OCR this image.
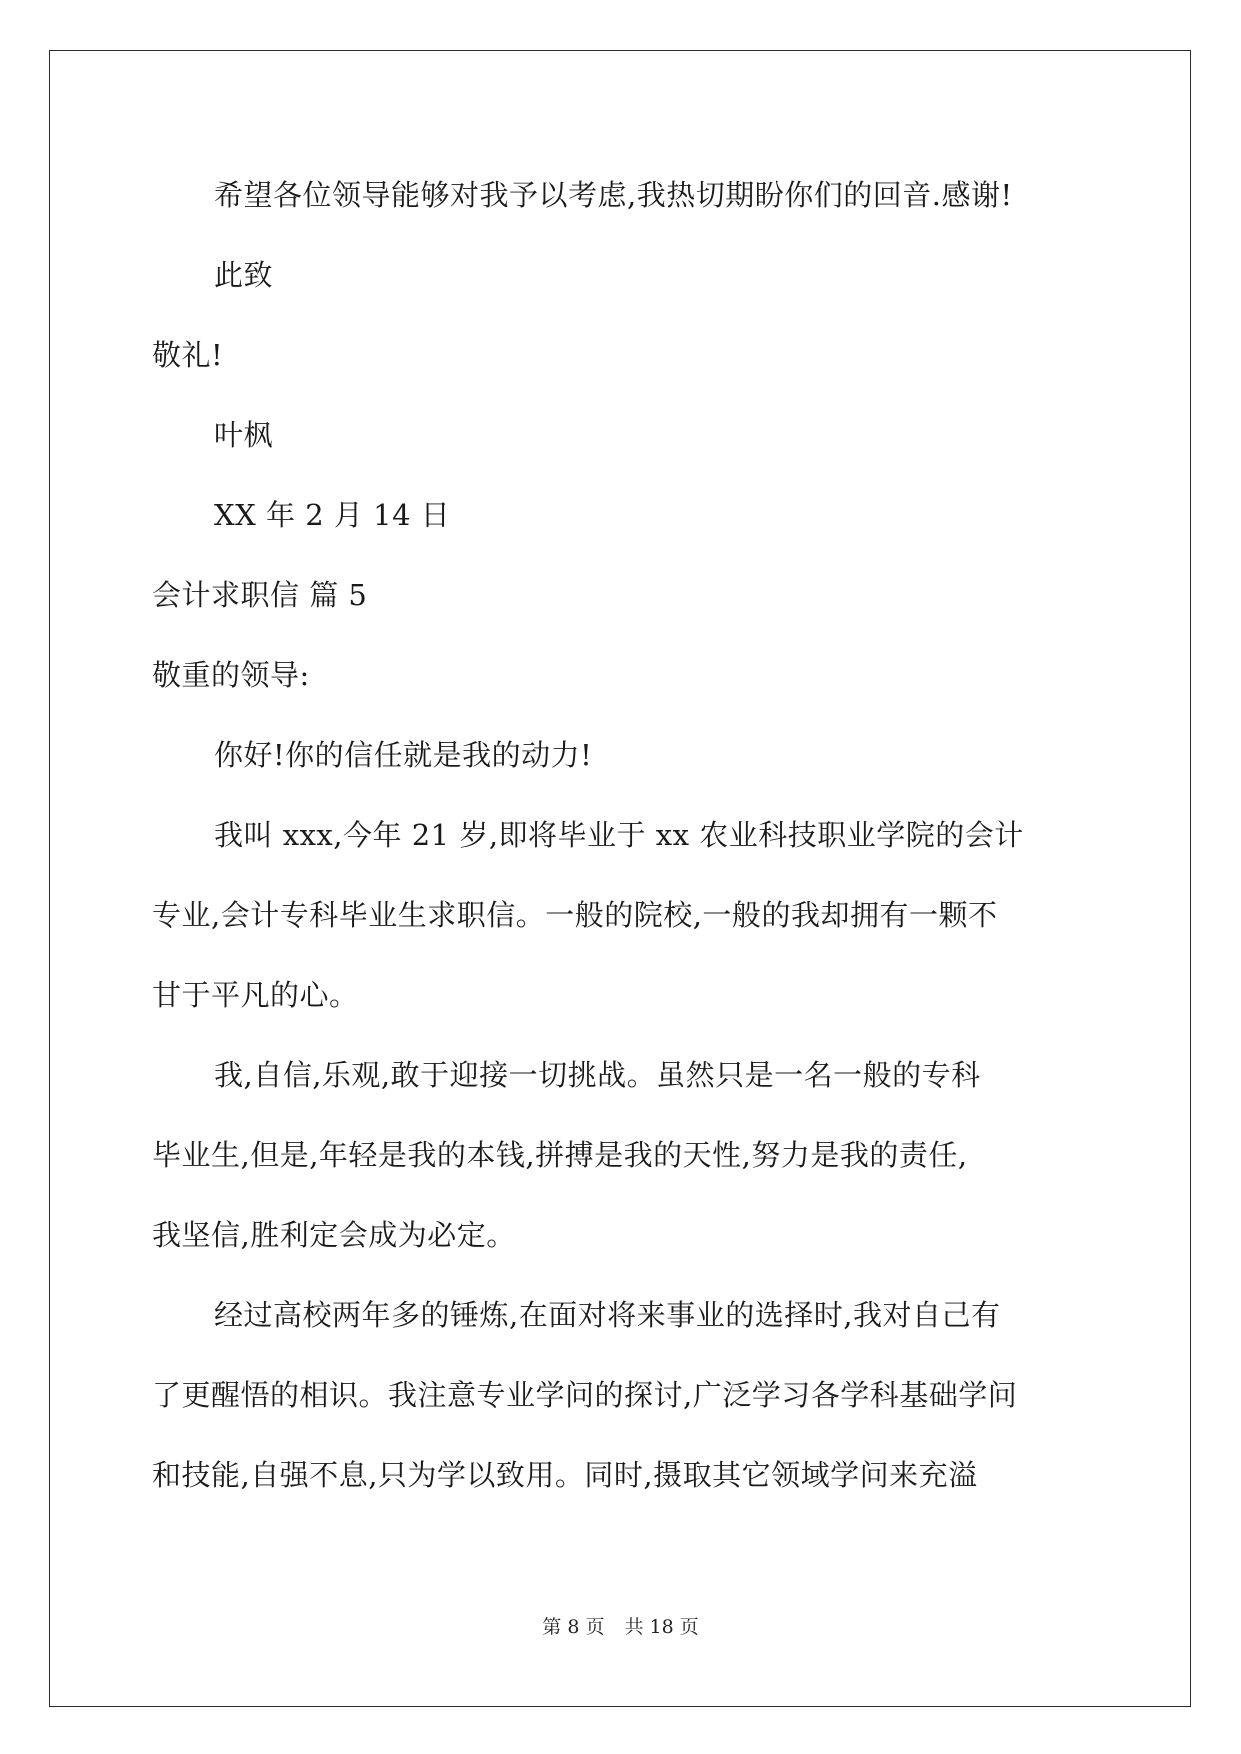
希望各位领导能够对我予以考虑,我热切期盼你们的回音.感谢!
此致
敬礼!
叶枫
XX 年 2 月 14 日
会计求职信 篇 5
敬重的领导:
你好!你的信任就是我的动力!
我叫 xxx,今年 21 岁,即将毕业于 xx 农业科技职业学院的会计
专业,会计专科毕业生求职信。一般的院校,一般的我却拥有一颗不
甘于平凡的心。
我,自信,乐观,敢于迎接一切挑战。虽然只是一名一般的专科
毕业生,但是,年轻是我的本钱,拼搏是我的天性,努力是我的责任,
我坚信,胜利定会成为必定。
经过高校两年多的锤炼,在面对将来事业的选择时,我对自己有
了更醒悟的相识。我注意专业学问的探讨,广泛学习各学科基础学问
和技能,自强不息,只为学以致用。同时,摄取其它领域学问来充溢
第 8 页 共 18 页
